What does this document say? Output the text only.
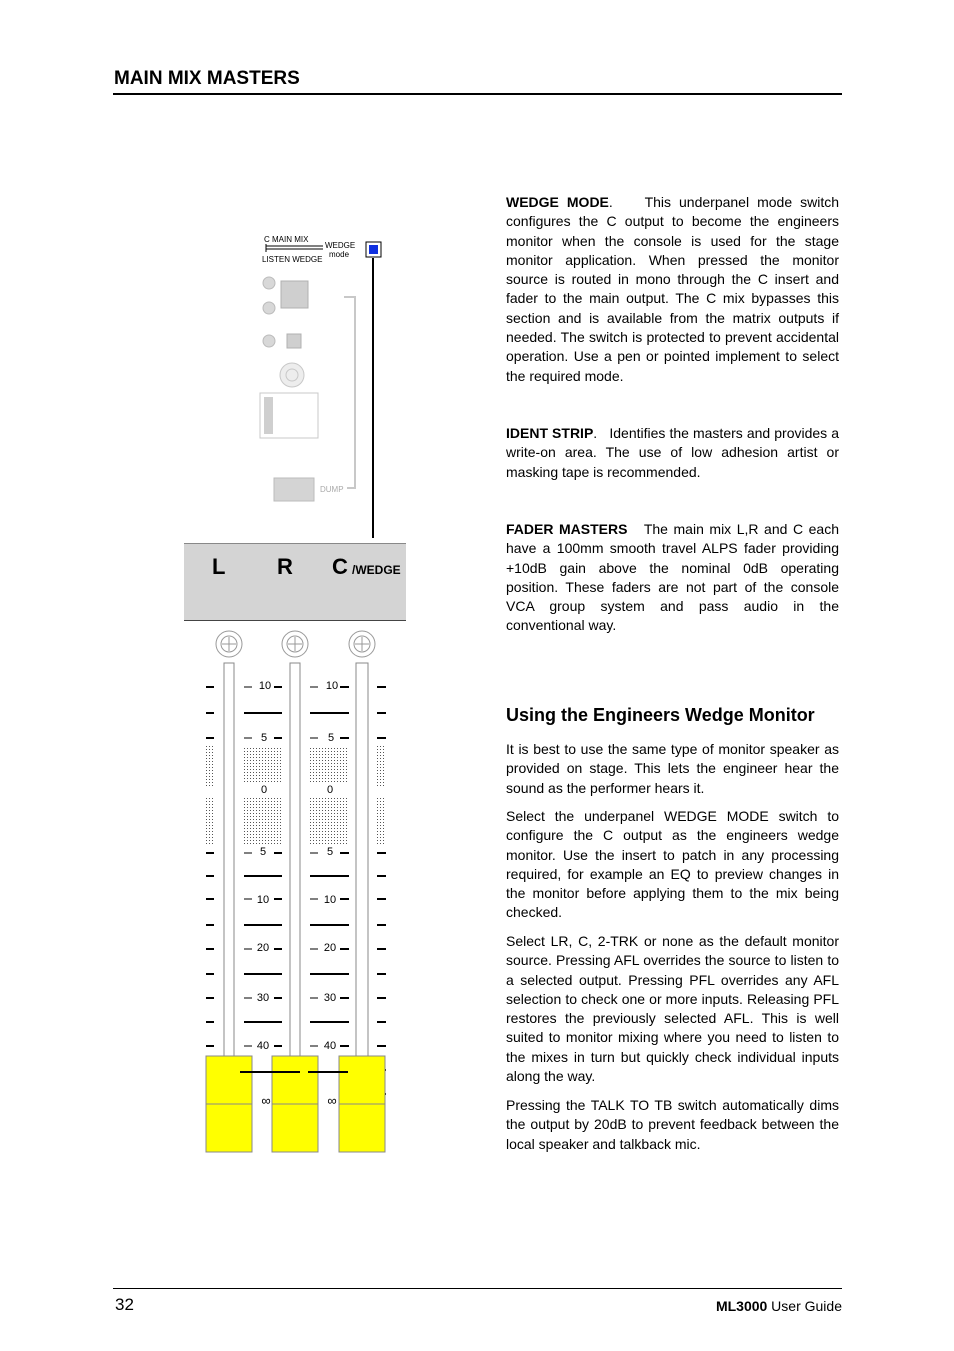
MAIN MIX MASTERS
C MAIN MIX
LISTEN WEDGE
WEDGE
mode
DUMP
L R C /WEDGE
10	10
5	5
0	0
5	5
10	10
20	20
30	30
40	40
∞	∞

WEDGE MODE.    This underpanel mode switch configures the C output to become the engineers monitor when the console is used for the stage monitor application. When pressed the monitor source is routed in mono through the C insert and fader to the main output. The C mix bypasses this section and is available from the matrix outputs if needed. The switch is protected to prevent accidental operation. Use a pen or pointed implement to select the required mode.

IDENT STRIP.   Identifies the masters and provides a write-on area. The use of low adhesion artist or masking tape is recommended.

FADER MASTERS The main mix L,R and C each have a 100mm smooth travel ALPS fader providing +10dB gain above the nominal 0dB operating position. These faders are not part of the console VCA group system and pass audio in the conventional way.

Using the Engineers Wedge Monitor

It is best to use the same type of monitor speaker as provided on stage. This lets the engineer hear the sound as the performer hears it.

Select the underpanel WEDGE MODE switch to configure the C output as the engineers wedge monitor. Use the insert to patch in any processing required, for example an EQ to preview changes in the monitor before applying them to the mix being checked.

Select LR, C, 2-TRK or none as the default monitor source. Pressing AFL overrides the source to listen to a selected output. Pressing PFL overrides any AFL selection to check one or more inputs. Releasing PFL restores the previously selected AFL. This is well suited to monitor mixing where you need to listen to the mixes in turn but quickly check individual inputs along the way.

Pressing the TALK TO TB switch automatically dims the output by 20dB to prevent feedback between the local speaker and talkback mic.

32	ML3000 User Guide
